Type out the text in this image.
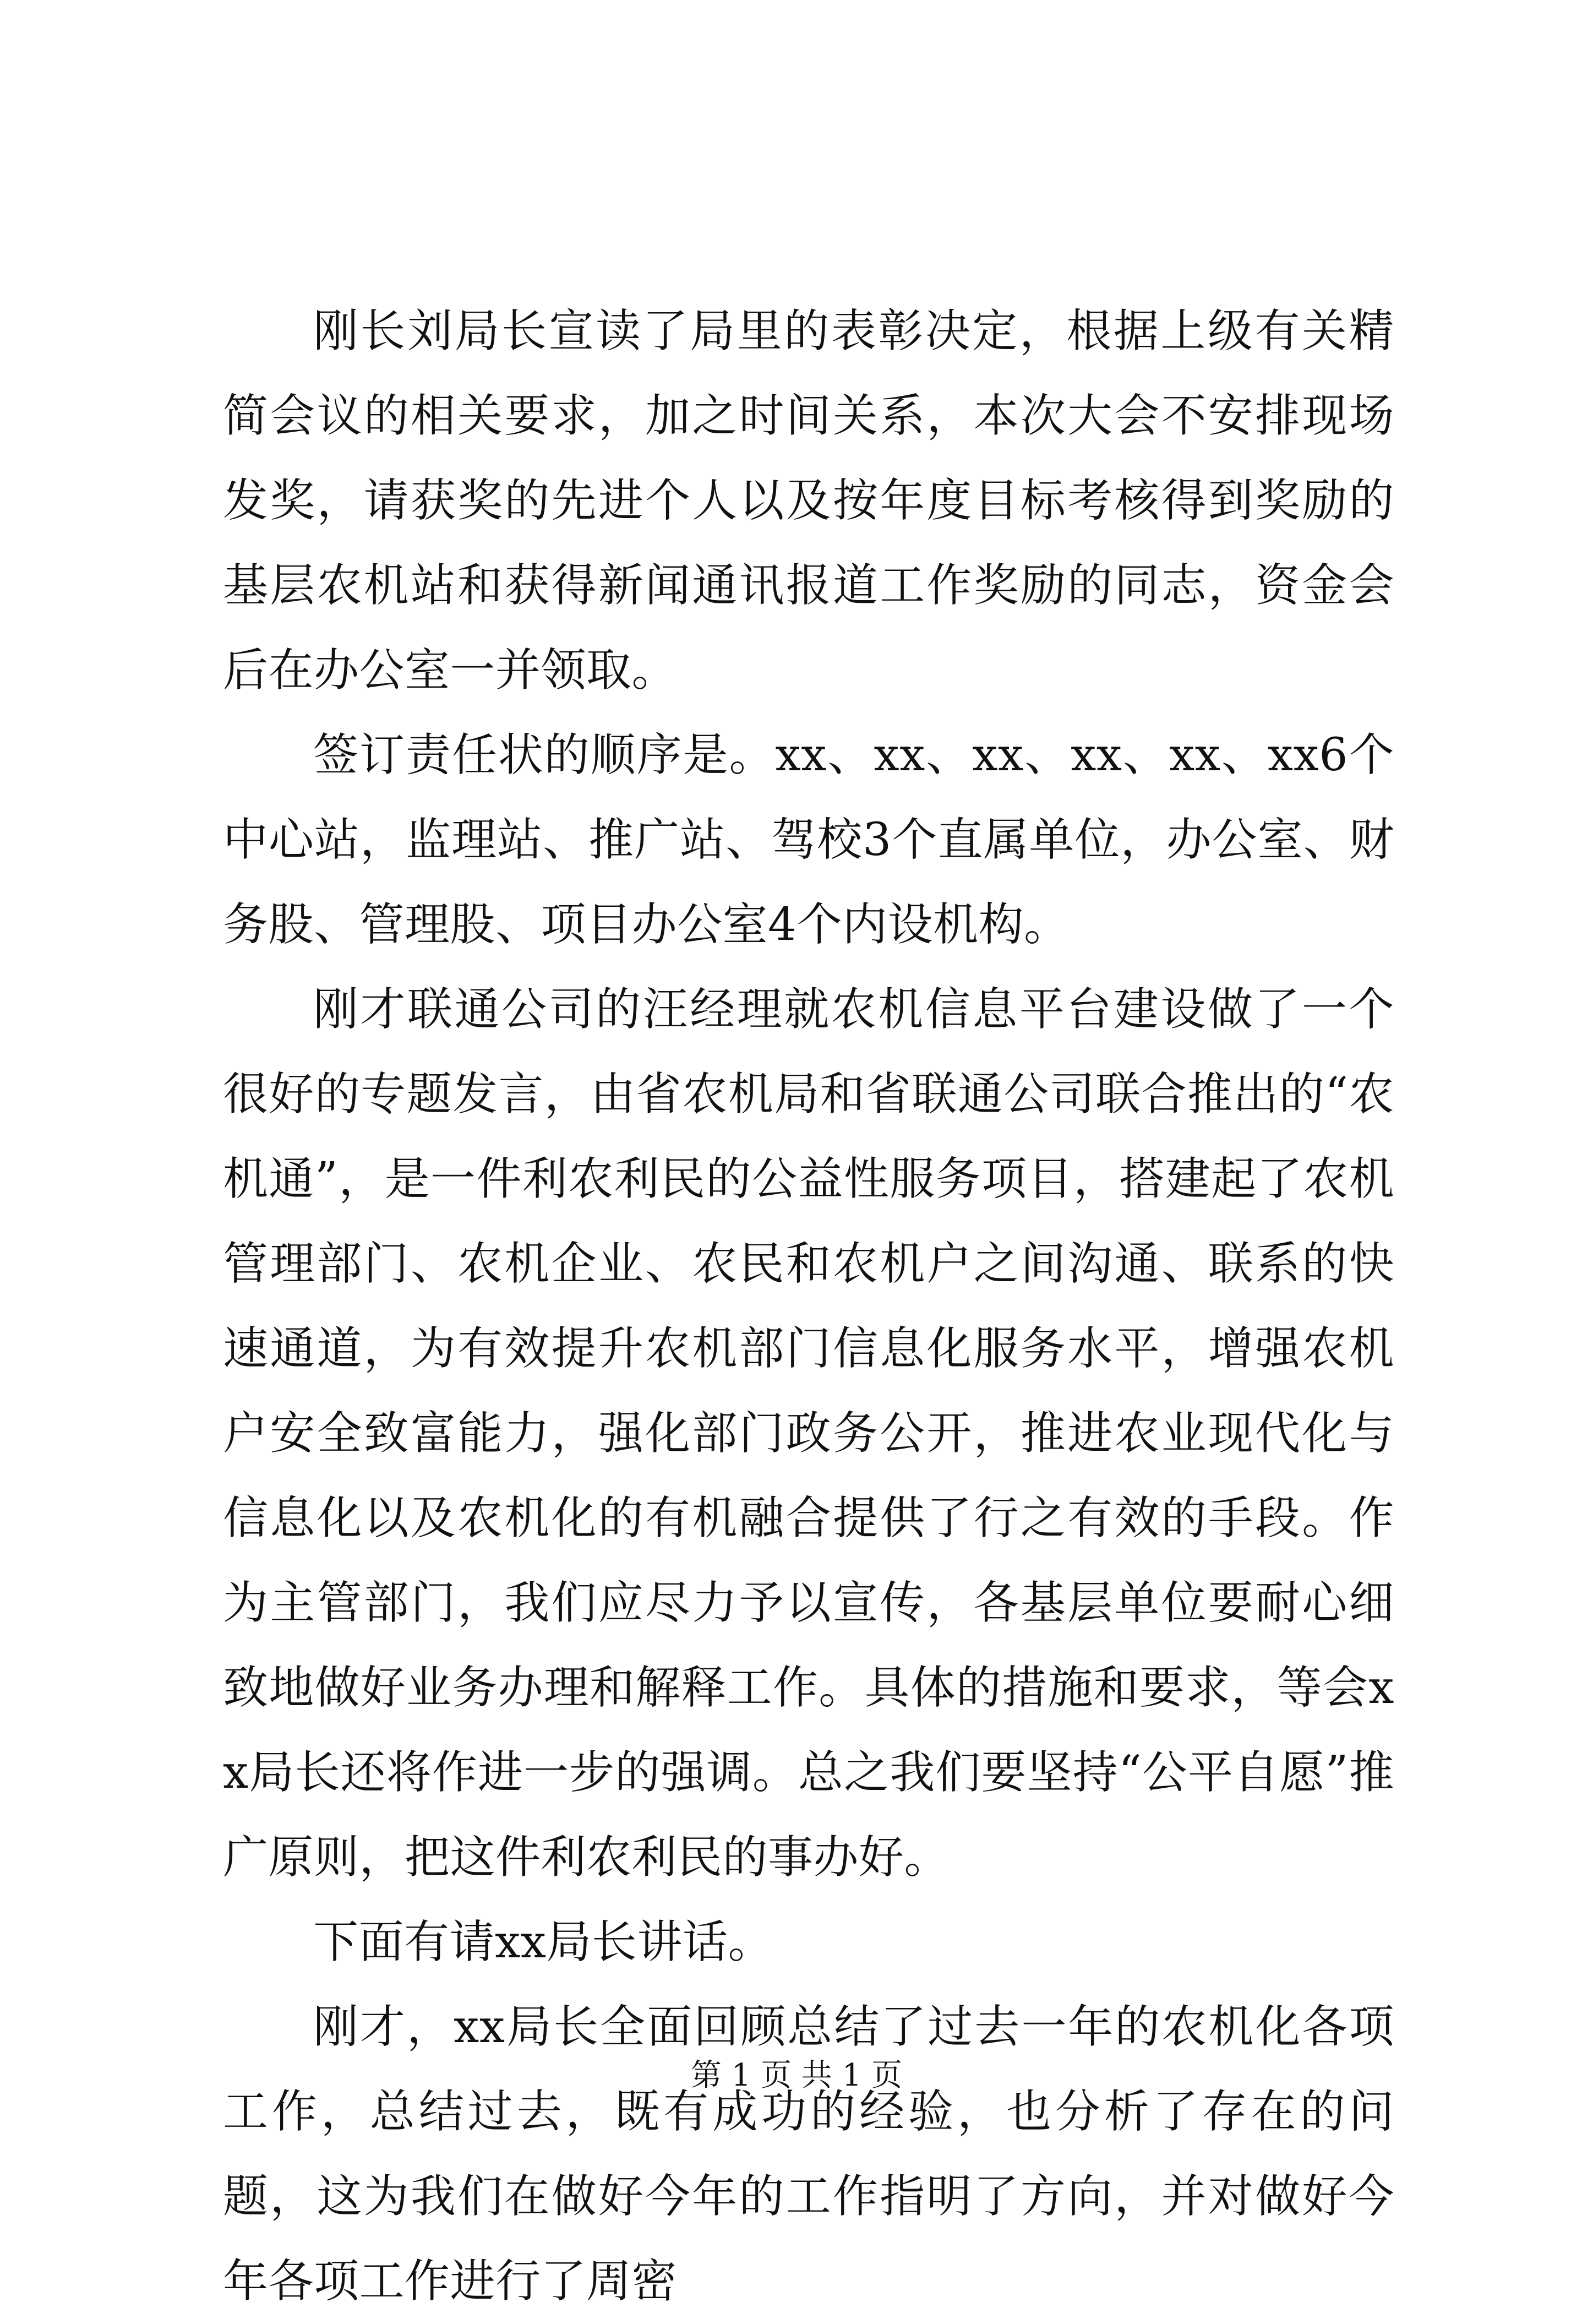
刚长刘局长宣读了局里的表彰决定，根据上级有关精简会议的相关要求，加之时间关系，本次大会不安排现场发奖，请获奖的先进个人以及按年度目标考核得到奖励的基层农机站和获得新闻通讯报道工作奖励的同志，资金会后在办公室一并领取。

签订责任状的顺序是。xx、xx、xx、xx、xx、xx6个中心站，监理站、推广站、驾校3个直属单位，办公室、财务股、管理股、项目办公室4个内设机构。

刚才联通公司的汪经理就农机信息平台建设做了一个很好的专题发言，由省农机局和省联通公司联合推出的“农机通”，是一件利农利民的公益性服务项目，搭建起了农机管理部门、农机企业、农民和农机户之间沟通、联系的快速通道，为有效提升农机部门信息化服务水平，增强农机户安全致富能力，强化部门政务公开，推进农业现代化与信息化以及农机化的有机融合提供了行之有效的手段。作为主管部门，我们应尽力予以宣传，各基层单位要耐心细致地做好业务办理和解释工作。具体的措施和要求，等会xx局长还将作进一步的强调。总之我们要坚持“公平自愿”推广原则，把这件利农利民的事办好。

下面有请xx局长讲话。

刚才，xx局长全面回顾总结了过去一年的农机化各项工作，总结过去，既有成功的经验，也分析了存在的问题，这为我们在做好今年的工作指明了方向，并对做好今年各项工作进行了周密

第 1 页 共 1 页
